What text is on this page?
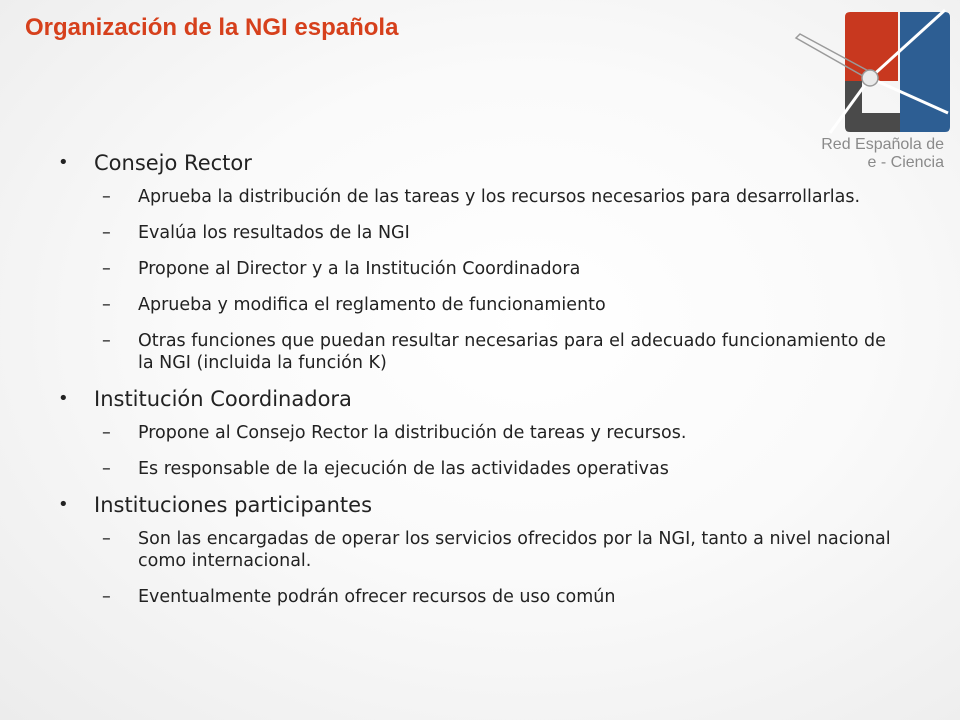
Organización de la NGI española
Red Española de
e - Ciencia
• Consejo Rector
– Aprueba la distribución de las tareas y los recursos necesarios para desarrollarlas.
– Evalúa los resultados de la NGI
– Propone al Director y a la Institución Coordinadora
– Aprueba y modifica el reglamento de funcionamiento
– Otras funciones que puedan resultar necesarias para el adecuado funcionamiento de la NGI (incluida la función K)
• Institución Coordinadora
– Propone al Consejo Rector la distribución de tareas y recursos.
– Es responsable de la ejecución de las actividades operativas
• Instituciones participantes
– Son las encargadas de operar los servicios ofrecidos por la NGI, tanto a nivel nacional como internacional.
– Eventualmente podrán ofrecer recursos de uso común
